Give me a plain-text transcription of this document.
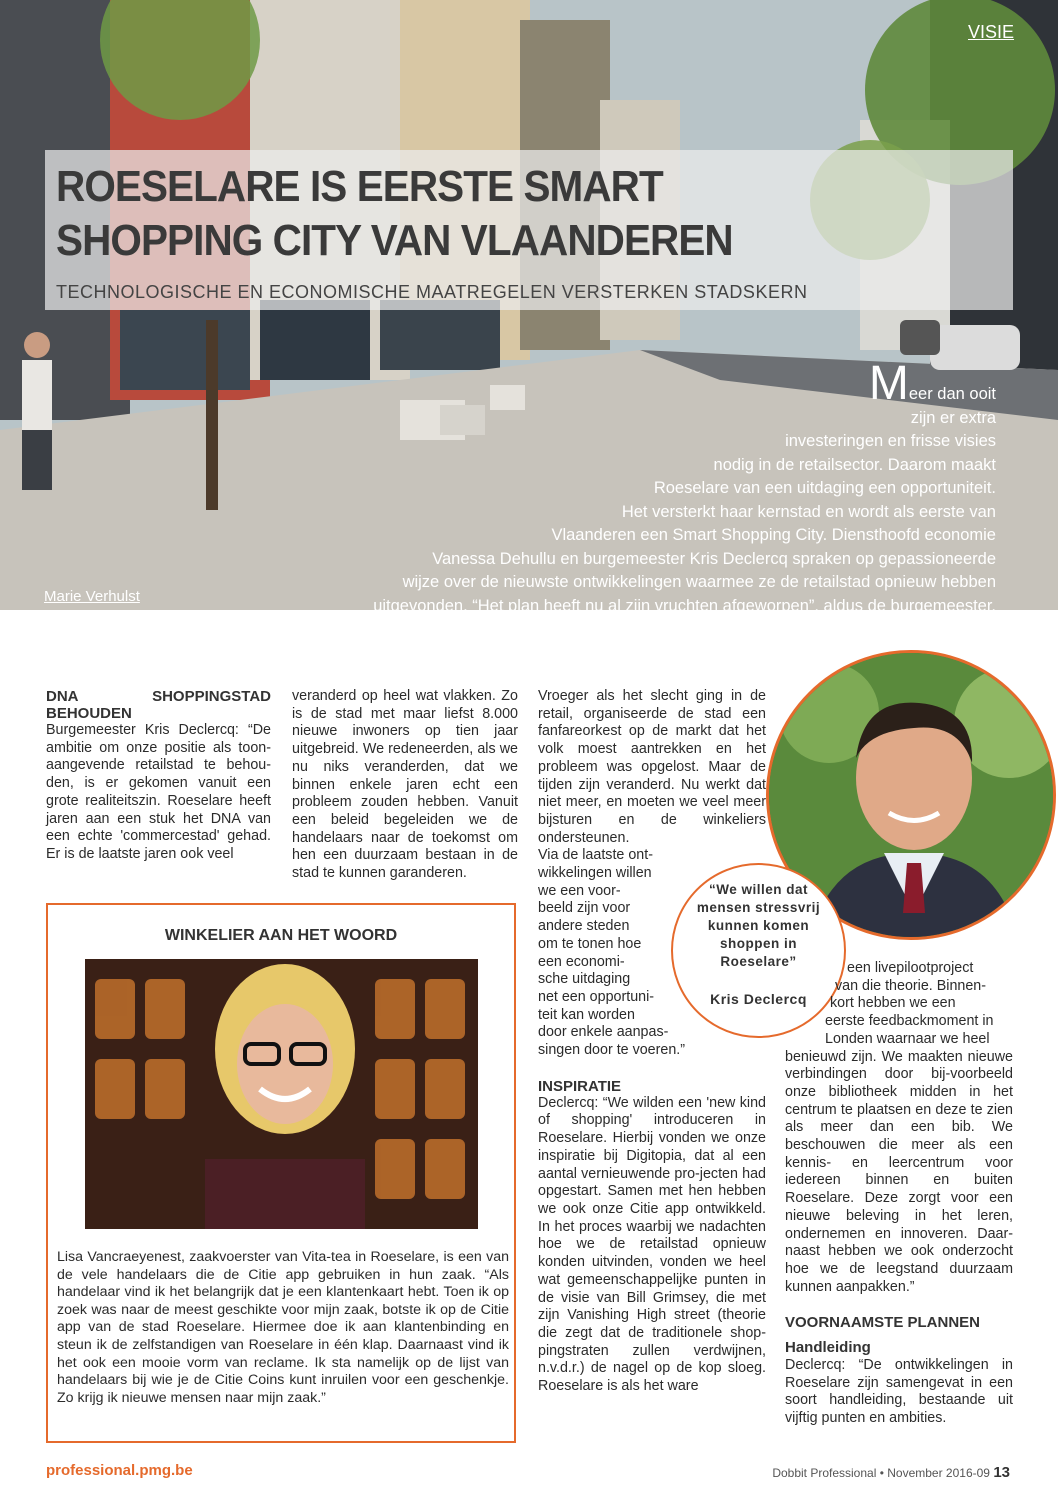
VISIE
ROESELARE IS EERSTE SMART
SHOPPING CITY VAN VLAANDEREN
TECHNOLOGISCHE EN ECONOMISCHE MAATREGELEN VERSTERKEN STADSKERN
Meer dan ooit
zijn er extra
investeringen en frisse visies
nodig in de retailsector. Daarom maakt
Roeselare van een uitdaging een opportuniteit.
Het versterkt haar kernstad en wordt als eerste van
Vlaanderen een Smart Shopping City. Diensthoofd economie
Vanessa Dehullu en burgemeester Kris Declercq spraken op gepassioneerde
wijze over de nieuwste ontwikkelingen waarmee ze de retailstad opnieuw hebben
uitgevonden. “Het plan heeft nu al zijn vruchten afgeworpen”, aldus de burgemeester.
Marie Verhulst

DNA SHOPPINGSTAD BEHOUDEN

Burgemeester Kris Declercq: “De ambitie om onze positie als toon-aangevende retailstad te behou-den, is er gekomen vanuit een grote realiteitszin. Roeselare heeft jaren aan een stuk het DNA van een echte 'commercestad' gehad. Er is de laatste jaren ook veel

veranderd op heel wat vlakken. Zo is de stad met maar liefst 8.000 nieuwe inwoners op tien jaar uitgebreid. We redeneerden, als we nu niks veranderden, dat we binnen enkele jaren echt een probleem zouden hebben. Vanuit een beleid begeleiden we de handelaars naar de toekomst om hen een duurzaam bestaan in de stad te kunnen garanderen.

WINKELIER AAN HET WOORD
Lisa Vancraeyenest, zaakvoerster van Vita-tea in Roeselare, is een van de vele handelaars die de Citie app gebruiken in hun zaak. “Als handelaar vind ik het belangrijk dat je een klantenkaart hebt. Toen ik op zoek was naar de meest geschikte voor mijn zaak, botste ik op de Citie app van de stad Roeselare. Hiermee doe ik aan klantenbinding en steun ik de zelfstandigen van Roeselare in één klap. Daarnaast vind ik het ook een mooie vorm van reclame. Ik sta namelijk op de lijst van handelaars bij wie je de Citie Coins kunt inruilen voor een geschenkje. Zo krijg ik nieuwe mensen naar mijn zaak.”

Vroeger als het slecht ging in de retail, organiseerde de stad een fanfareorkest op de markt dat het volk moest aantrekken en het probleem was opgelost. Maar de tijden zijn veranderd. Nu werkt dat niet meer, en moeten we veel meer bijsturen en de winkeliers ondersteunen.

Via de laatste ont-
wikkelingen willen
we een voor-
beeld zijn voor
andere steden
om te tonen hoe
een economi-
sche uitdaging
net een opportuni-
teit kan worden
door enkele aanpas-
singen door te voeren.”

INSPIRATIE

Declercq: “We wilden een 'new kind of shopping' introduceren in Roeselare. Hierbij vonden we onze inspiratie bij Digitopia, dat al een aantal vernieuwende pro-jecten had opgestart. Samen met hen hebben we ook onze Citie app ontwikkeld. In het proces waarbij we nadachten hoe we de retailstad opnieuw konden uitvinden, vonden we heel wat gemeenschappelijke punten in de visie van Bill Grimsey, die met zijn Vanishing High street (theorie die zegt dat de traditionele shop-pingstraten zullen verdwijnen, n.v.d.r.) de nagel op de kop sloeg. Roeselare is als het ware

“We willen dat
mensen stressvrij
kunnen komen
shoppen in
Roeselare”
Kris Declercq
een livepilootproject
van die theorie. Binnen-
kort hebben we een
eerste feedbackmoment in
Londen waarnaar we heel

benieuwd zijn. We maakten nieuwe verbindingen door bij-voorbeeld onze bibliotheek midden in het centrum te plaatsen en deze te zien als meer dan een bib. We beschouwen die meer als een kennis- en leercentrum voor iedereen binnen en buiten Roeselare. Deze zorgt voor een nieuwe beleving in het leren, ondernemen en innoveren. Daar-naast hebben we ook onderzocht hoe we de leegstand duurzaam kunnen aanpakken.”

VOORNAAMSTE PLANNEN

Handleiding

Declercq: “De ontwikkelingen in Roeselare zijn samengevat in een soort handleiding, bestaande uit vijftig punten en ambities.

professional.pmg.be	Dobbit Professional • November 2016-09 13
